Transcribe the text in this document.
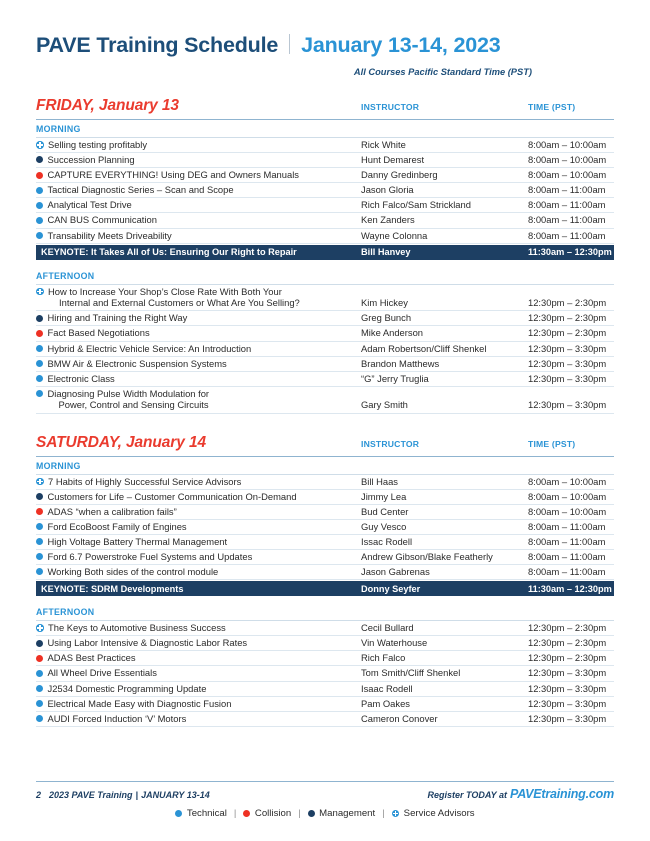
PAVE Training Schedule January 13-14, 2023
All Courses Pacific Standard Time (PST)
FRIDAY, January 13	INSTRUCTOR	TIME (PST)
MORNING
Selling testing profitably	Rick White	8:00am – 10:00am
Succession Planning	Hunt Demarest	8:00am – 10:00am
CAPTURE EVERYTHING! Using DEG and Owners Manuals	Danny Gredinberg	8:00am – 10:00am
Tactical Diagnostic Series – Scan and Scope	Jason Gloria	8:00am – 11:00am
Analytical Test Drive	Rich Falco/Sam Strickland	8:00am – 11:00am
CAN BUS Communication	Ken Zanders	8:00am – 11:00am
Transability Meets Driveability	Wayne Colonna	8:00am – 11:00am
KEYNOTE: It Takes All of Us: Ensuring Our Right to Repair	Bill Hanvey	11:30am – 12:30pm
AFTERNOON
How to Increase Your Shop’s Close Rate With Both Your
Internal and External Customers or What Are You Selling?	Kim Hickey	12:30pm – 2:30pm
Hiring and Training the Right Way	Greg Bunch	12:30pm – 2:30pm
Fact Based Negotiations	Mike Anderson	12:30pm – 2:30pm
Hybrid & Electric Vehicle Service: An Introduction	Adam Robertson/Cliff Shenkel	12:30pm – 3:30pm
BMW Air & Electronic Suspension Systems	Brandon Matthews	12:30pm – 3:30pm
Electronic Class	“G” Jerry Truglia	12:30pm – 3:30pm
Diagnosing Pulse Width Modulation for
Power, Control and Sensing Circuits	Gary Smith	12:30pm – 3:30pm
SATURDAY, January 14	INSTRUCTOR	TIME (PST)
MORNING
7 Habits of Highly Successful Service Advisors	Bill Haas	8:00am – 10:00am
Customers for Life – Customer Communication On-Demand	Jimmy Lea	8:00am – 10:00am
ADAS “when a calibration fails”	Bud Center	8:00am – 10:00am
Ford EcoBoost Family of Engines	Guy Vesco	8:00am – 11:00am
High Voltage Battery Thermal Management	Issac Rodell	8:00am – 11:00am
Ford 6.7 Powerstroke Fuel Systems and Updates	Andrew Gibson/Blake Featherly	8:00am – 11:00am
Working Both sides of the control module	Jason Gabrenas	8:00am – 11:00am
KEYNOTE: SDRM Developments	Donny Seyfer	11:30am – 12:30pm
AFTERNOON
The Keys to Automotive Business Success	Cecil Bullard	12:30pm – 2:30pm
Using Labor Intensive & Diagnostic Labor Rates	Vin Waterhouse	12:30pm – 2:30pm
ADAS Best Practices	Rich Falco	12:30pm – 2:30pm
All Wheel Drive Essentials	Tom Smith/Cliff Shenkel	12:30pm – 3:30pm
J2534 Domestic Programming Update	Isaac Rodell	12:30pm – 3:30pm
Electrical Made Easy with Diagnostic Fusion	Pam Oakes	12:30pm – 3:30pm
AUDI Forced Induction ‘V’ Motors	Cameron Conover	12:30pm – 3:30pm
2 2023 PAVE Training | JANUARY 13-14	Register TODAY at PAVEtraining.com
Technical | Collision | Management | Service Advisors
